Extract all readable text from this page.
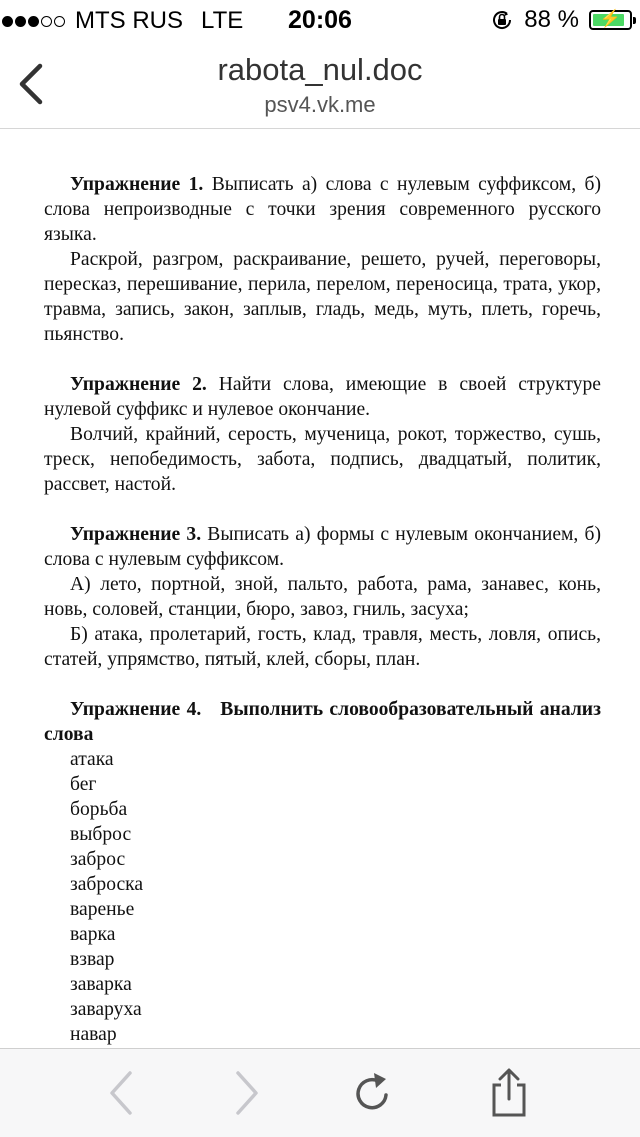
MTS RUS LTE	20:06	88 %	⚡
rabota_nul.doc
psv4.vk.me

Упражнение 1. Выписать а) слова с нулевым суффиксом, б) слова непроизводные с точки зрения современного русского языка.

Раскрой, разгром, раскраивание, решето, ручей, переговоры, пересказ, перешивание, перила, перелом, переносица, трата, укор, травма, запись, закон, заплыв, гладь, медь, муть, плеть, горечь, пьянство.

Упражнение 2. Найти слова, имеющие в своей структуре нулевой суффикс и нулевое окончание.

Волчий, крайний, серость, мученица, рокот, торжество, сушь, треск, непобедимость, забота, подпись, двадцатый, политик, рассвет, настой.

Упражнение 3. Выписать а) формы с нулевым окончанием, б) слова с нулевым суффиксом.

А) лето, портной, зной, пальто, работа, рама, занавес, конь, новь, соловей, станции, бюро, завоз, гниль, засуха;

Б) атака, пролетарий, гость, клад, травля, месть, ловля, опись, статей, упрямство, пятый, клей, сборы, план.

Упражнение 4. Выполнить словообразовательный анализ слова

атака
бег
борьба
выброс
заброс
заброска
варенье
варка
взвар
заварка
заваруха
навар
